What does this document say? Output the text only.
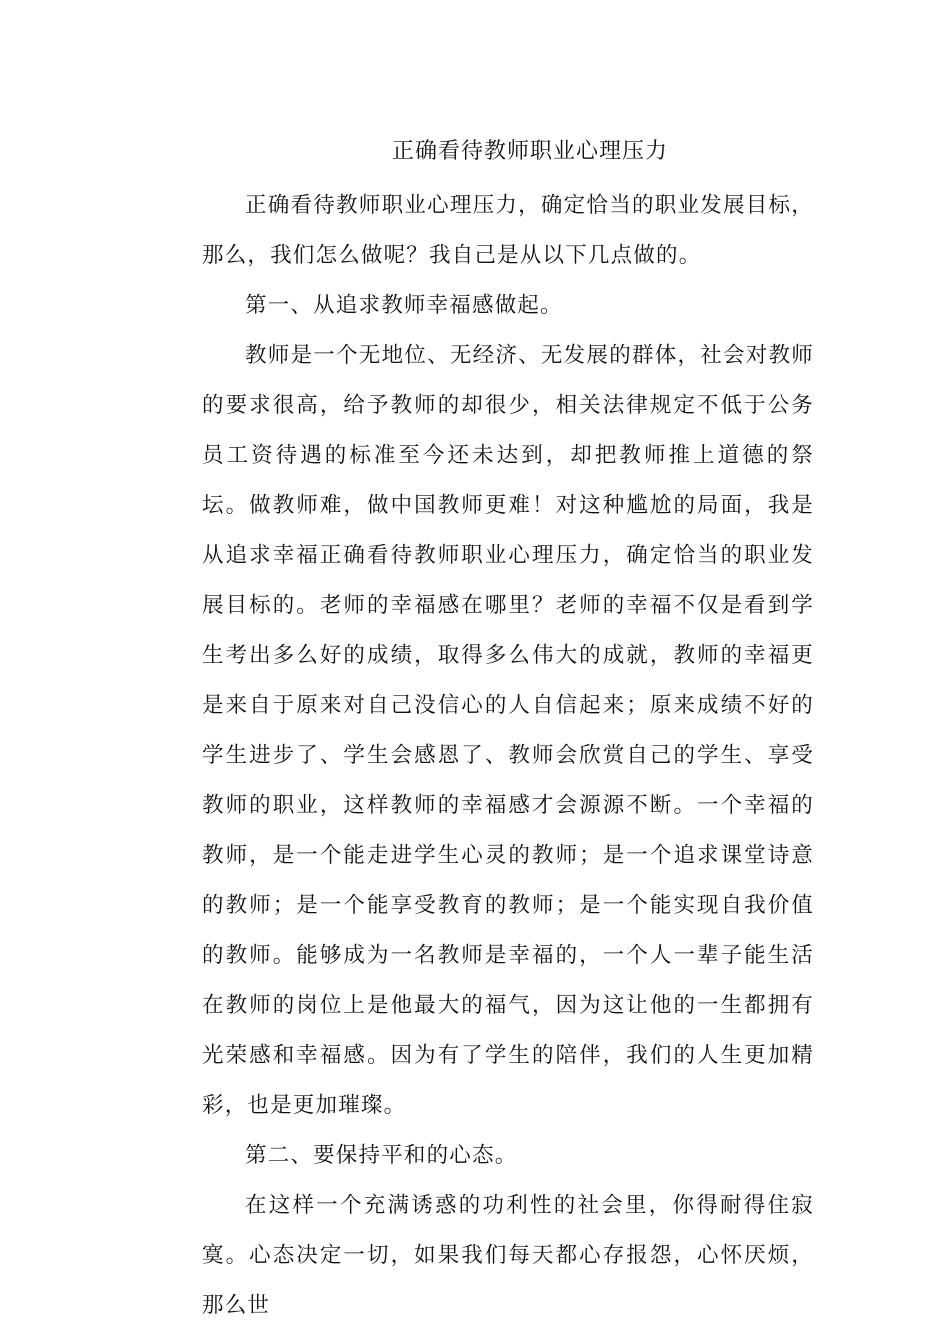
正确看待教师职业心理压力

正确看待教师职业心理压力，确定恰当的职业发展目标，那么，我们怎么做呢？我自己是从以下几点做的。

第一、从追求教师幸福感做起。

教师是一个无地位、无经济、无发展的群体，社会对教师的要求很高，给予教师的却很少，相关法律规定不低于公务员工资待遇的标准至今还未达到，却把教师推上道德的祭坛。做教师难，做中国教师更难！对这种尴尬的局面，我是从追求幸福正确看待教师职业心理压力，确定恰当的职业发展目标的。老师的幸福感在哪里？老师的幸福不仅是看到学生考出多么好的成绩，取得多么伟大的成就，教师的幸福更是来自于原来对自己没信心的人自信起来；原来成绩不好的学生进步了、学生会感恩了、教师会欣赏自己的学生、享受教师的职业，这样教师的幸福感才会源源不断。一个幸福的教师，是一个能走进学生心灵的教师；是一个追求课堂诗意的教师；是一个能享受教育的教师；是一个能实现自我价值的教师。能够成为一名教师是幸福的，一个人一辈子能生活在教师的岗位上是他最大的福气，因为这让他的一生都拥有光荣感和幸福感。因为有了学生的陪伴，我们的人生更加精彩，也是更加璀璨。

第二、要保持平和的心态。

在这样一个充满诱惑的功利性的社会里，你得耐得住寂寞。心态决定一切，如果我们每天都心存报怨，心怀厌烦，那么世
